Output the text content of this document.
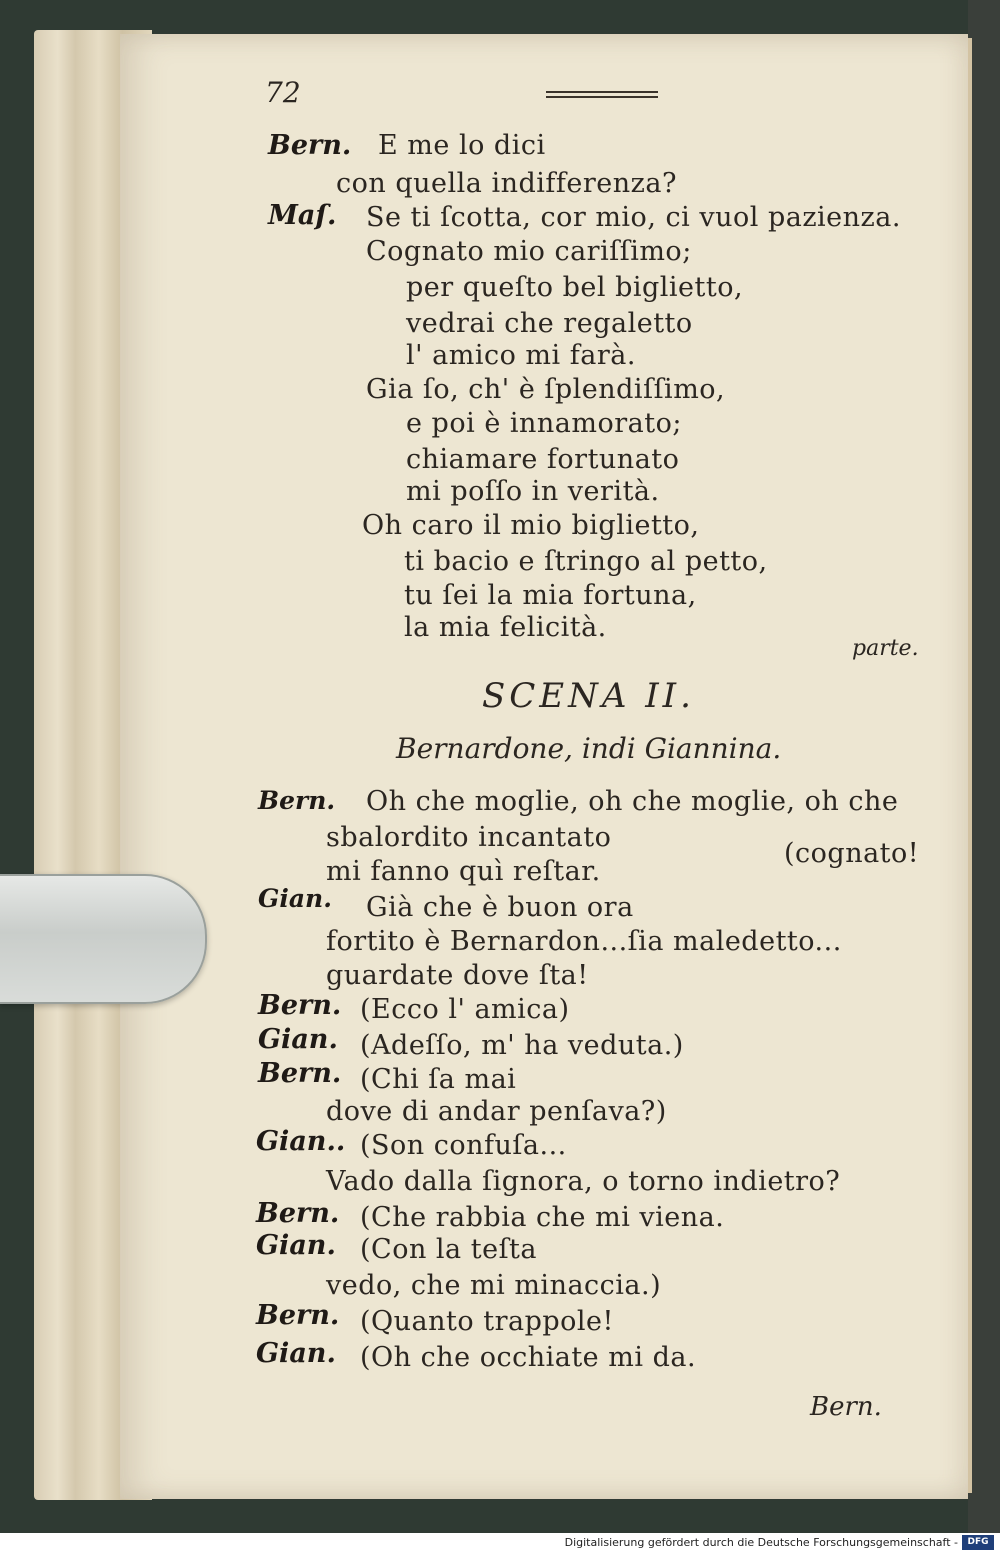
72
Bern. E me lo dici
con quella indifferenza?
Maſ. Se ti ſcotta, cor mio, ci vuol pazienza.
Cognato mio cariſſimo;
per queſto bel biglietto,
vedrai che regaletto
l' amico mi farà.
Gia ſo, ch' è ſplendiſſimo,
e poi è innamorato;
chiamare fortunato
mi poſſo in verità.
Oh caro il mio biglietto,
ti bacio e ſtringo al petto,
tu ſei la mia fortuna,
la mia felicità.
parte.
SCENA II.
Bernardone, indi Giannina.
Bern. Oh che moglie, oh che moglie, oh che
sbalordito incantato
(cognato!
mi fanno quì reſtar.
Gian. Già che è buon ora
fortito è Bernardon...ſia maledetto...
guardate dove ſta!
Bern. (Ecco l' amica)
Gian. (Adeſſo, m' ha veduta.)
Bern. (Chi ſa mai
dove di andar penſava?)
Gian.. (Son confuſa...
Vado dalla ſignora, o torno indietro?
Bern. (Che rabbia che mi viena.
Gian. (Con la teſta
vedo, che mi minaccia.)
Bern. (Quanto trappole!
Gian. (Oh che occhiate mi da.
Bern.
Digitalisierung gefördert durch die Deutsche Forschungsgemeinschaft -	DFG
